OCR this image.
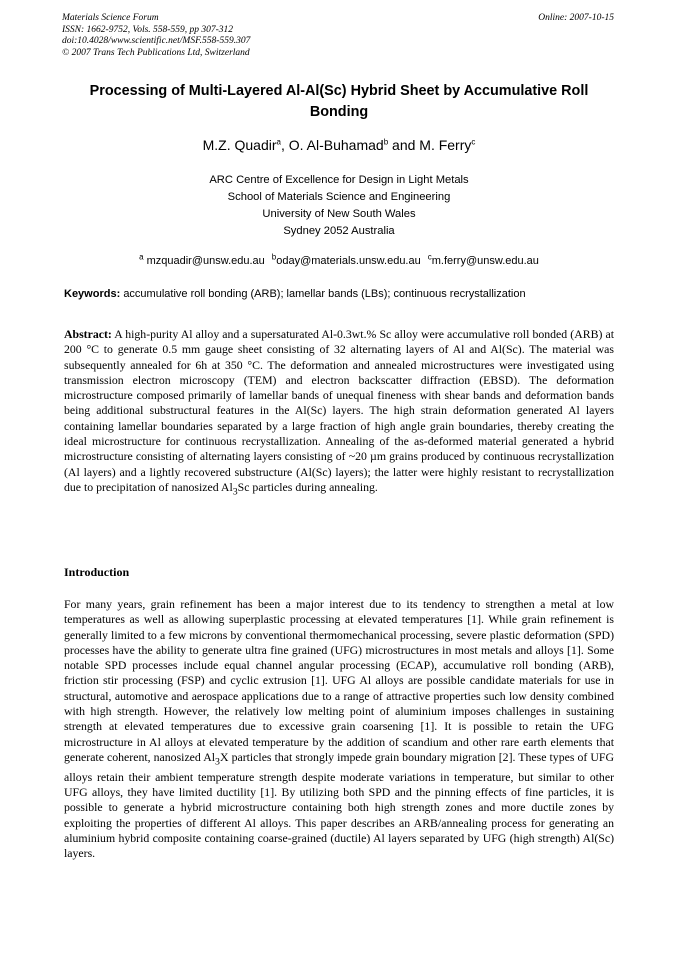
Materials Science Forum
ISSN: 1662-9752, Vols. 558-559, pp 307-312
doi:10.4028/www.scientific.net/MSF.558-559.307
© 2007 Trans Tech Publications Ltd, Switzerland
Online: 2007-10-15
Processing of Multi-Layered Al-Al(Sc) Hybrid Sheet by Accumulative Roll Bonding
M.Z. Quadir$^a$, O. Al-Buhamad$^b$ and M. Ferry$^c$
ARC Centre of Excellence for Design in Light Metals
School of Materials Science and Engineering
University of New South Wales
Sydney 2052 Australia
$^a$ mzquadir@unsw.edu.au $^b$oday@materials.unsw.edu.au $^c$m.ferry@unsw.edu.au
Keywords: accumulative roll bonding (ARB); lamellar bands (LBs); continuous recrystallization
Abstract: A high-purity Al alloy and a supersaturated Al-0.3wt.% Sc alloy were accumulative roll bonded (ARB) at 200 °C to generate 0.5 mm gauge sheet consisting of 32 alternating layers of Al and Al(Sc). The material was subsequently annealed for 6h at 350 °C. The deformation and annealed microstructures were investigated using transmission electron microscopy (TEM) and electron backscatter diffraction (EBSD). The deformation microstructure composed primarily of lamellar bands of unequal fineness with shear bands and deformation bands being additional substructural features in the Al(Sc) layers. The high strain deformation generated Al layers containing lamellar boundaries separated by a large fraction of high angle grain boundaries, thereby creating the ideal microstructure for continuous recrystallization. Annealing of the as-deformed material generated a hybrid microstructure consisting of alternating layers consisting of ~20 µm grains produced by continuous recrystallization (Al layers) and a lightly recovered substructure (Al(Sc) layers); the latter were highly resistant to recrystallization due to precipitation of nanosized $Al_3Sc$ particles during annealing.
Introduction
For many years, grain refinement has been a major interest due to its tendency to strengthen a metal at low temperatures as well as allowing superplastic processing at elevated temperatures [1]. While grain refinement is generally limited to a few microns by conventional thermomechanical processing, severe plastic deformation (SPD) processes have the ability to generate ultra fine grained (UFG) microstructures in most metals and alloys [1]. Some notable SPD processes include equal channel angular processing (ECAP), accumulative roll bonding (ARB), friction stir processing (FSP) and cyclic extrusion [1]. UFG Al alloys are possible candidate materials for use in structural, automotive and aerospace applications due to a range of attractive properties such low density combined with high strength. However, the relatively low melting point of aluminium imposes challenges in sustaining strength at elevated temperatures due to excessive grain coarsening [1]. It is possible to retain the UFG microstructure in Al alloys at elevated temperature by the addition of scandium and other rare earth elements that generate coherent, nanosized $Al_3X$ particles that strongly impede grain boundary migration [2]. These types of UFG alloys retain their ambient temperature strength despite moderate variations in temperature, but similar to other UFG alloys, they have limited ductility [1]. By utilizing both SPD and the pinning effects of fine particles, it is possible to generate a hybrid microstructure containing both high strength zones and more ductile zones by exploiting the properties of different Al alloys. This paper describes an ARB/annealing process for generating an aluminium hybrid composite containing coarse-grained (ductile) Al layers separated by UFG (high strength) Al(Sc) layers.
